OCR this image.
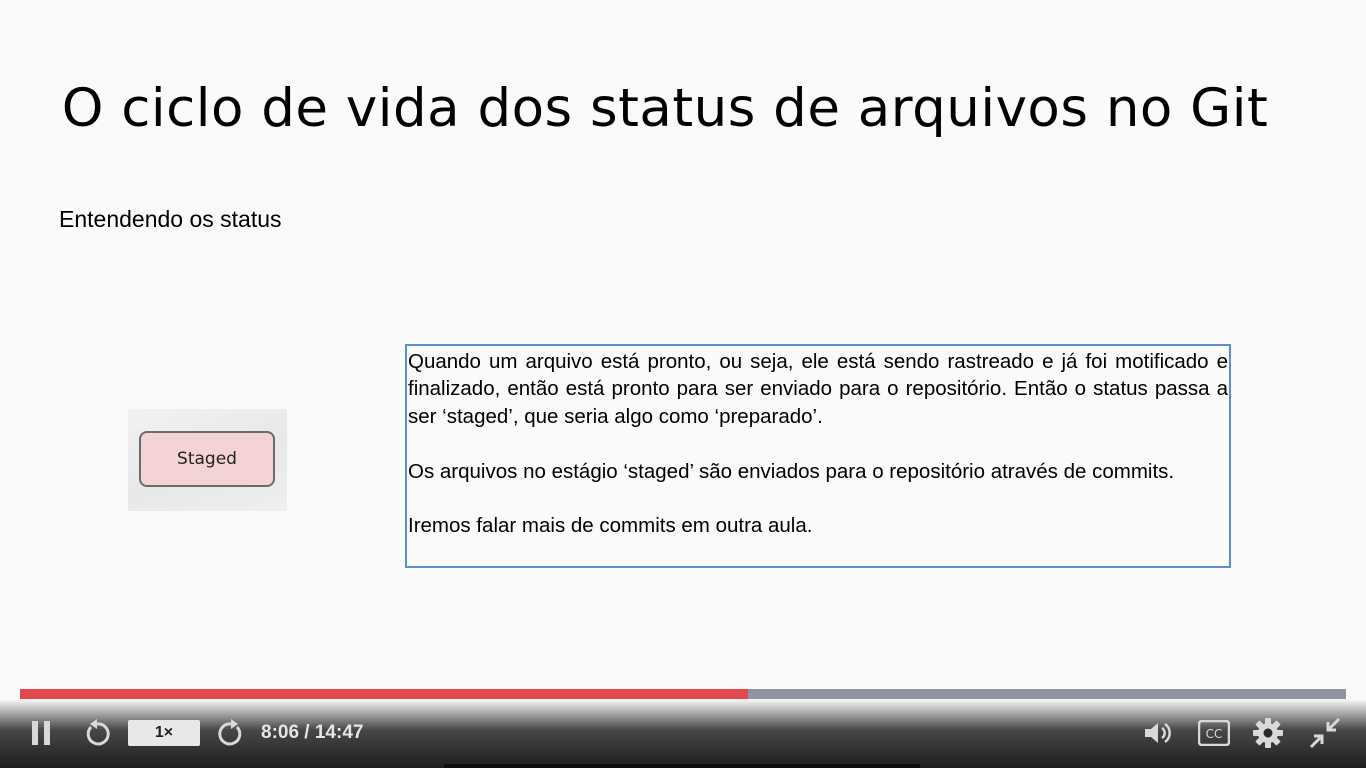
O ciclo de vida dos status de arquivos no Git
Entendendo os status
Staged

Quando um arquivo está pronto, ou seja, ele está sendo rastreado e já foi motificado e finalizado, então está pronto para ser enviado para o repositório. Então o status passa a ser ‘staged’, que seria algo como ‘preparado’.

Os arquivos no estágio ‘staged’ são enviados para o repositório através de commits.

Iremos falar mais de commits em outra aula.

1×	8:06 / 14:47	CC
